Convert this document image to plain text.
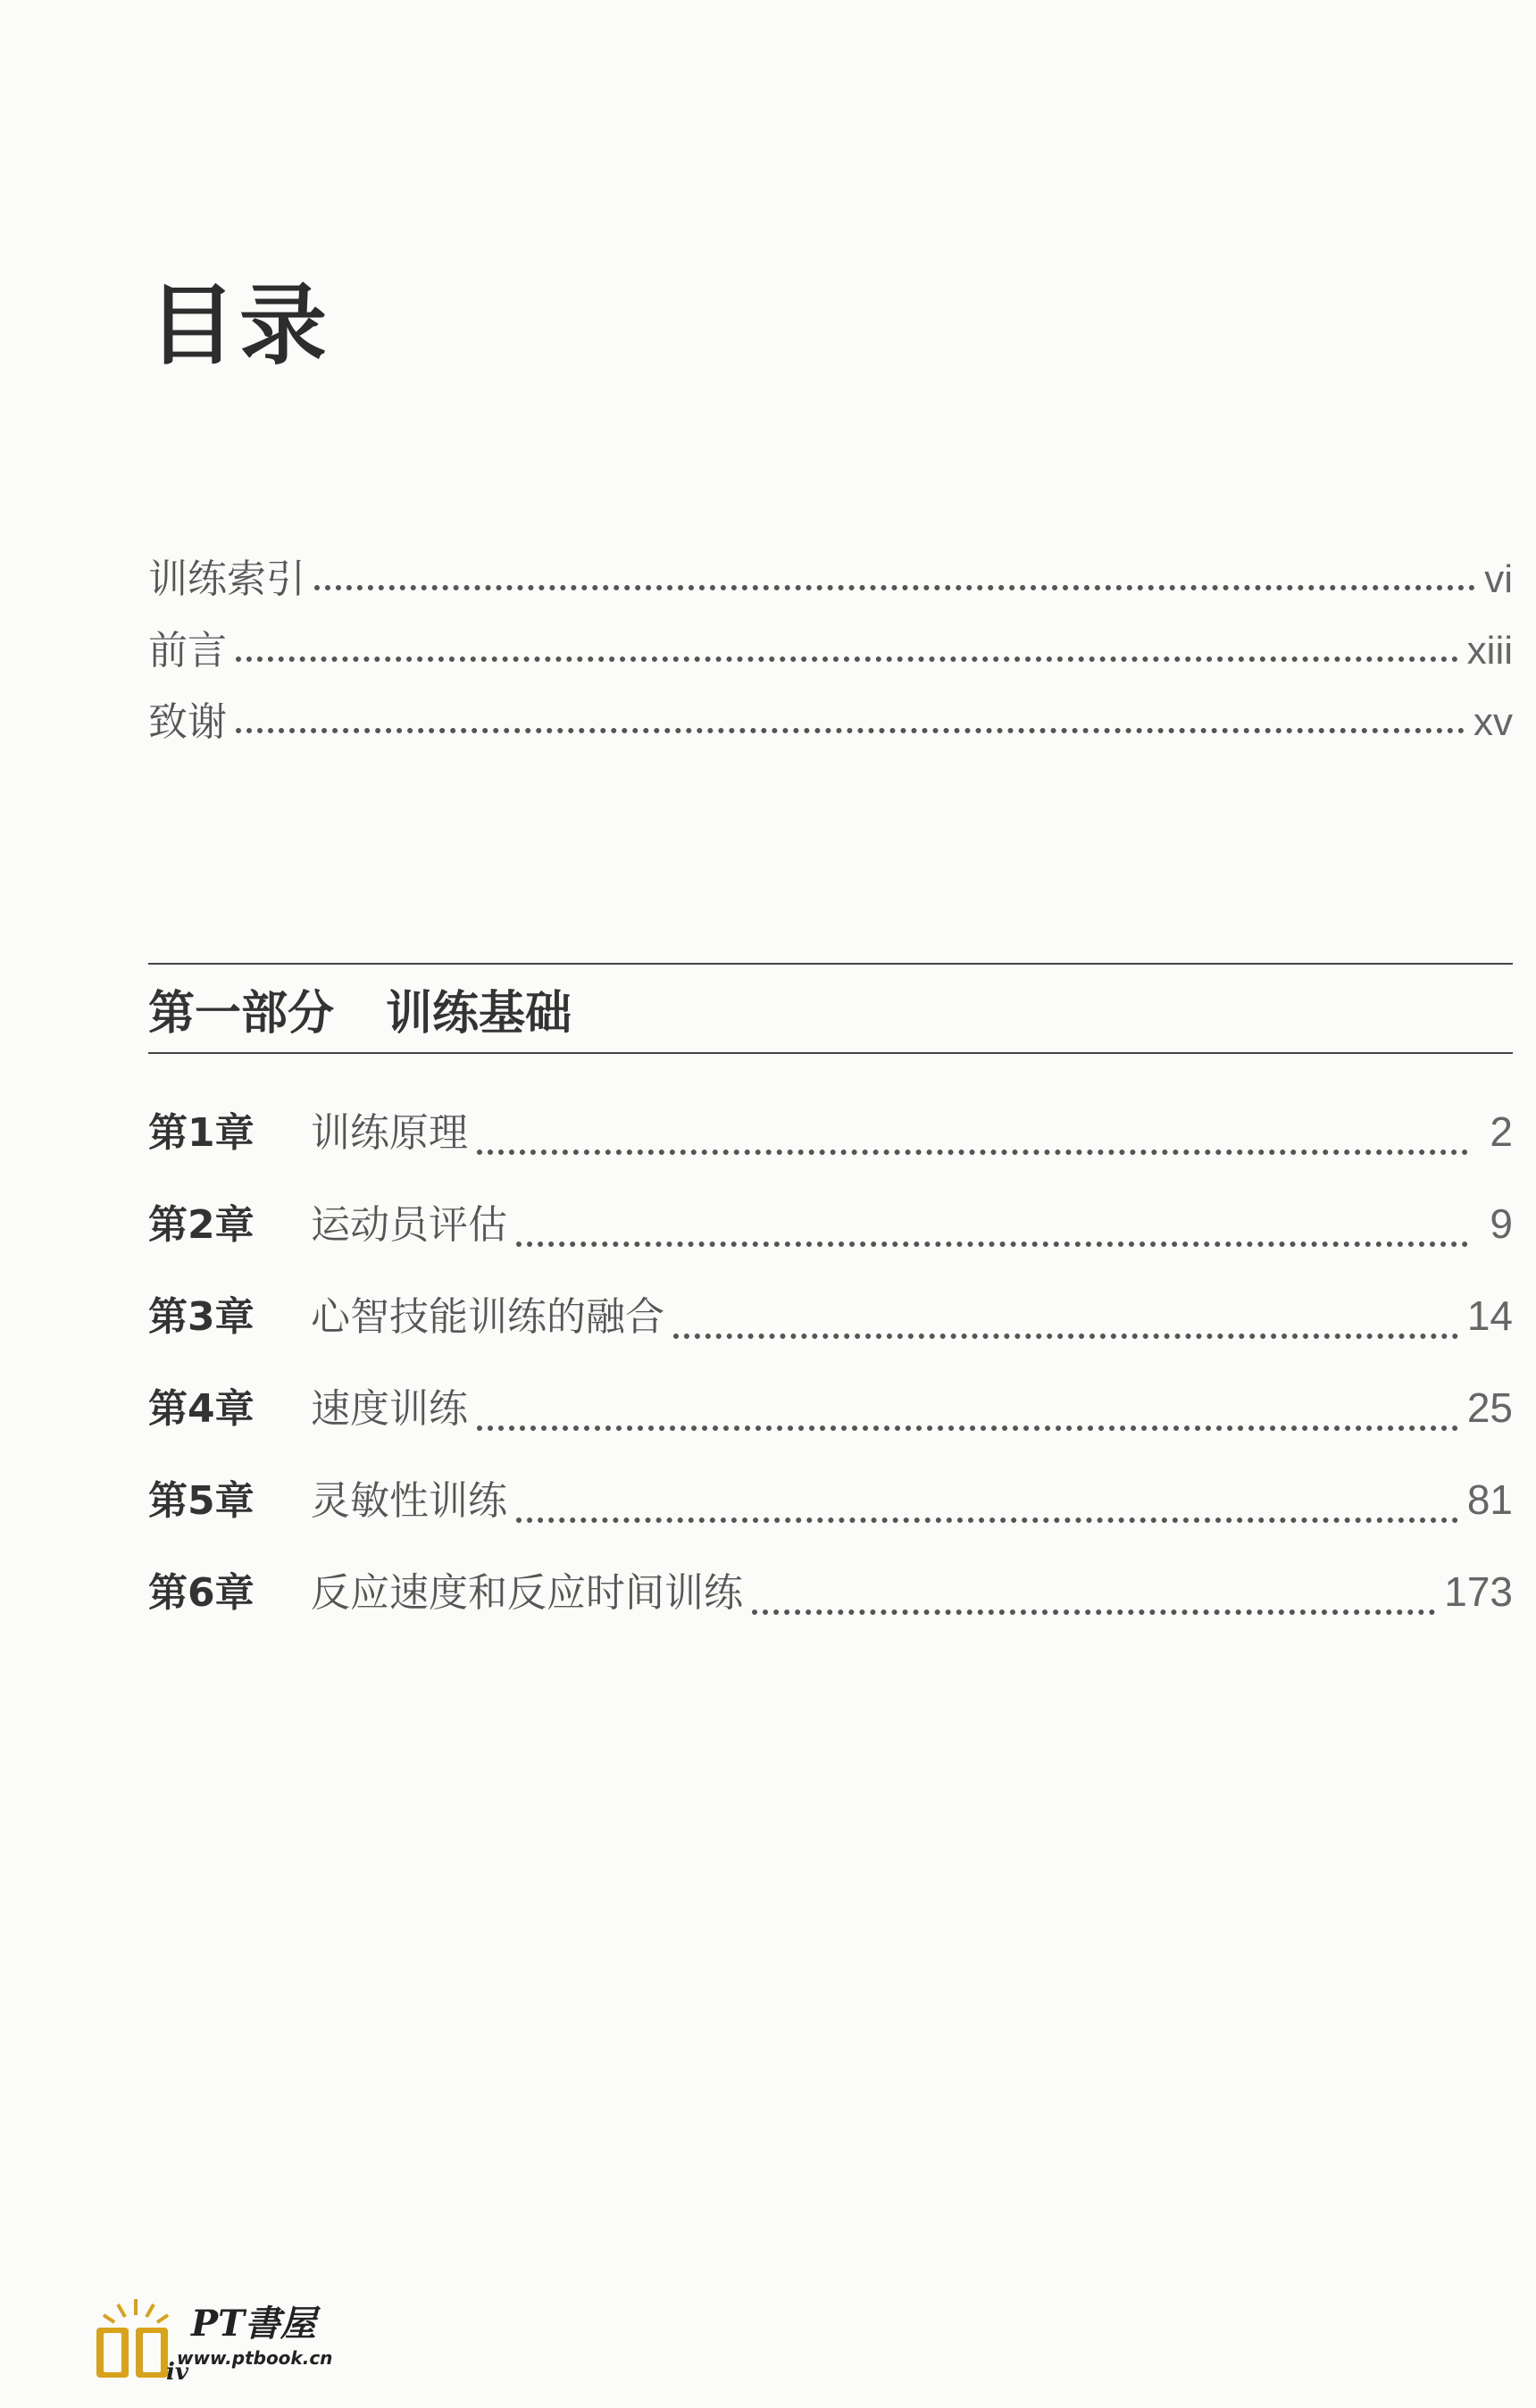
目录
训练索引	vi
前言	xiii
致谢	xv
第一部分 训练基础
第1章	训练原理	2
第2章	运动员评估	9
第3章	心智技能训练的融合	14
第4章	速度训练	25
第5章	灵敏性训练	81
第6章	反应速度和反应时间训练	173
iv
PT書屋
www.ptbook.cn
